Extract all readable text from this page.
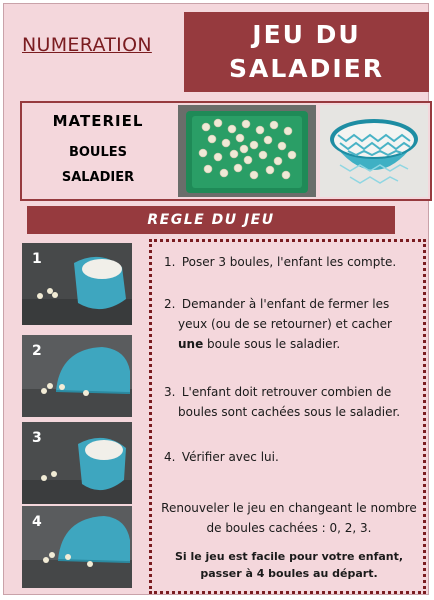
NUMERATION	JEU DU
SALADIER
MATERIEL
BOULES
SALADIER
REGLE DU JEU
1
2
3
4

1. Poser 3 boules, l'enfant les compte.

2. Demander à l'enfant de fermer les
yeux (ou de se retourner) et cacher
une boule sous le saladier.

3. L'enfant doit retrouver combien de
boules sont cachées sous le saladier.

4. Vérifier avec lui.

Renouveler le jeu en changeant le nombre
de boules cachées : 0, 2, 3.

Si le jeu est facile pour votre enfant,
passer à 4 boules au départ.
